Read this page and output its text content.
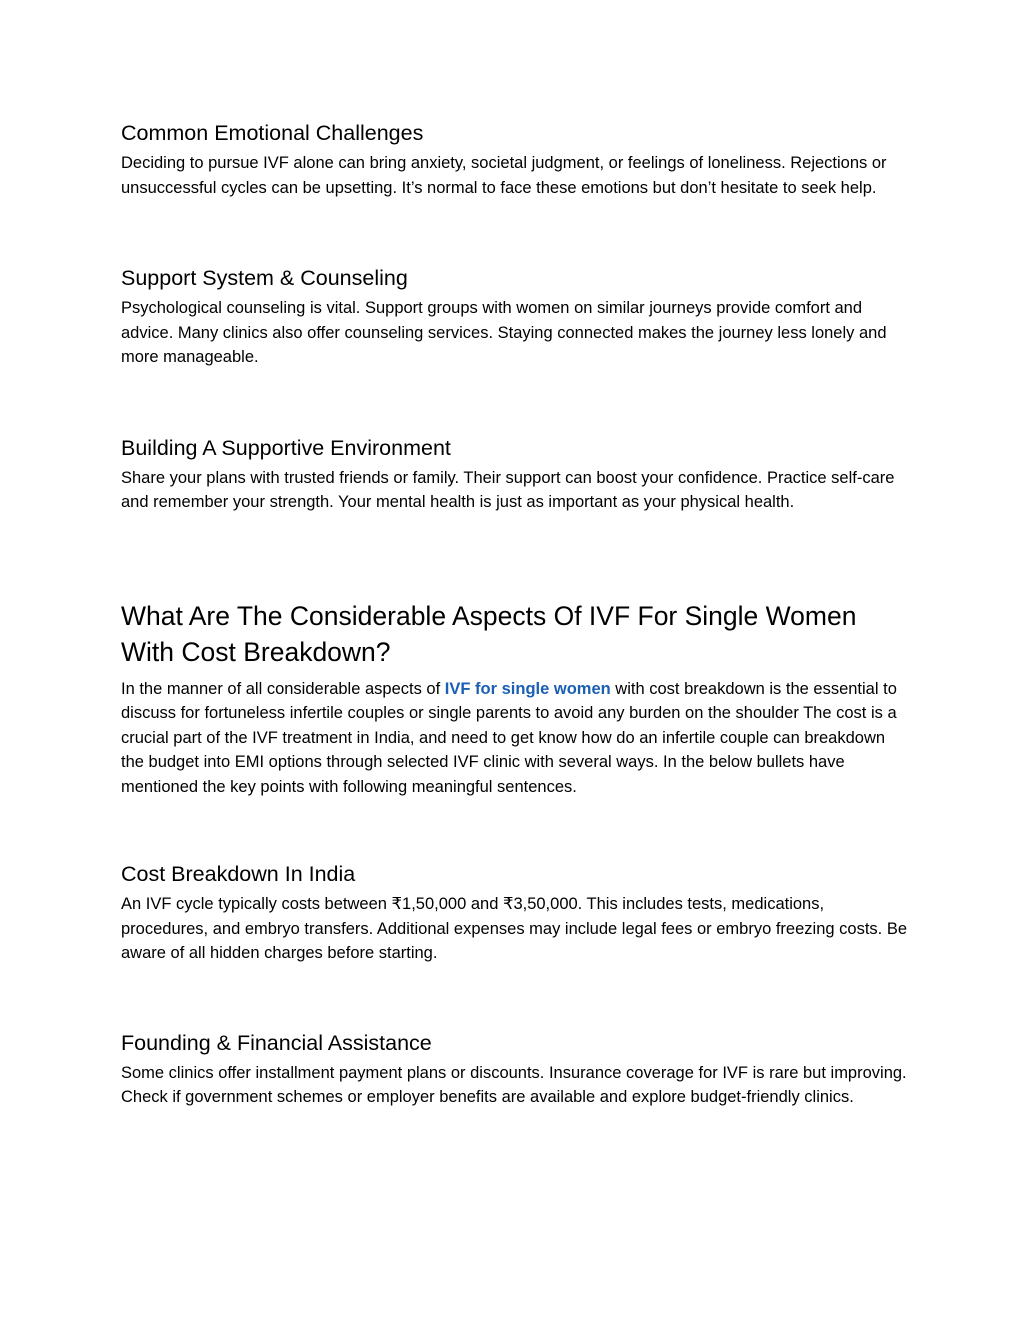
Common Emotional Challenges

Deciding to pursue IVF alone can bring anxiety, societal judgment, or feelings of loneliness. Rejections or unsuccessful cycles can be upsetting. It’s normal to face these emotions but don’t hesitate to seek help.

Support System & Counseling

Psychological counseling is vital. Support groups with women on similar journeys provide comfort and advice. Many clinics also offer counseling services. Staying connected makes the journey less lonely and more manageable.

Building A Supportive Environment

Share your plans with trusted friends or family. Their support can boost your confidence. Practice self-care and remember your strength. Your mental health is just as important as your physical health.

What Are The Considerable Aspects Of IVF For Single Women With Cost Breakdown?

In the manner of all considerable aspects of IVF for single women with cost breakdown is the essential to discuss for fortuneless infertile couples or single parents to avoid any burden on the shoulder The cost is a crucial part of the IVF treatment in India, and need to get know how do an infertile couple can breakdown the budget into EMI options through selected IVF clinic with several ways. In the below bullets have mentioned the key points with following meaningful sentences.

Cost Breakdown In India

An IVF cycle typically costs between ₹1,50,000 and ₹3,50,000. This includes tests, medications, procedures, and embryo transfers. Additional expenses may include legal fees or embryo freezing costs. Be aware of all hidden charges before starting.

Founding & Financial Assistance

Some clinics offer installment payment plans or discounts. Insurance coverage for IVF is rare but improving. Check if government schemes or employer benefits are available and explore budget-friendly clinics.
